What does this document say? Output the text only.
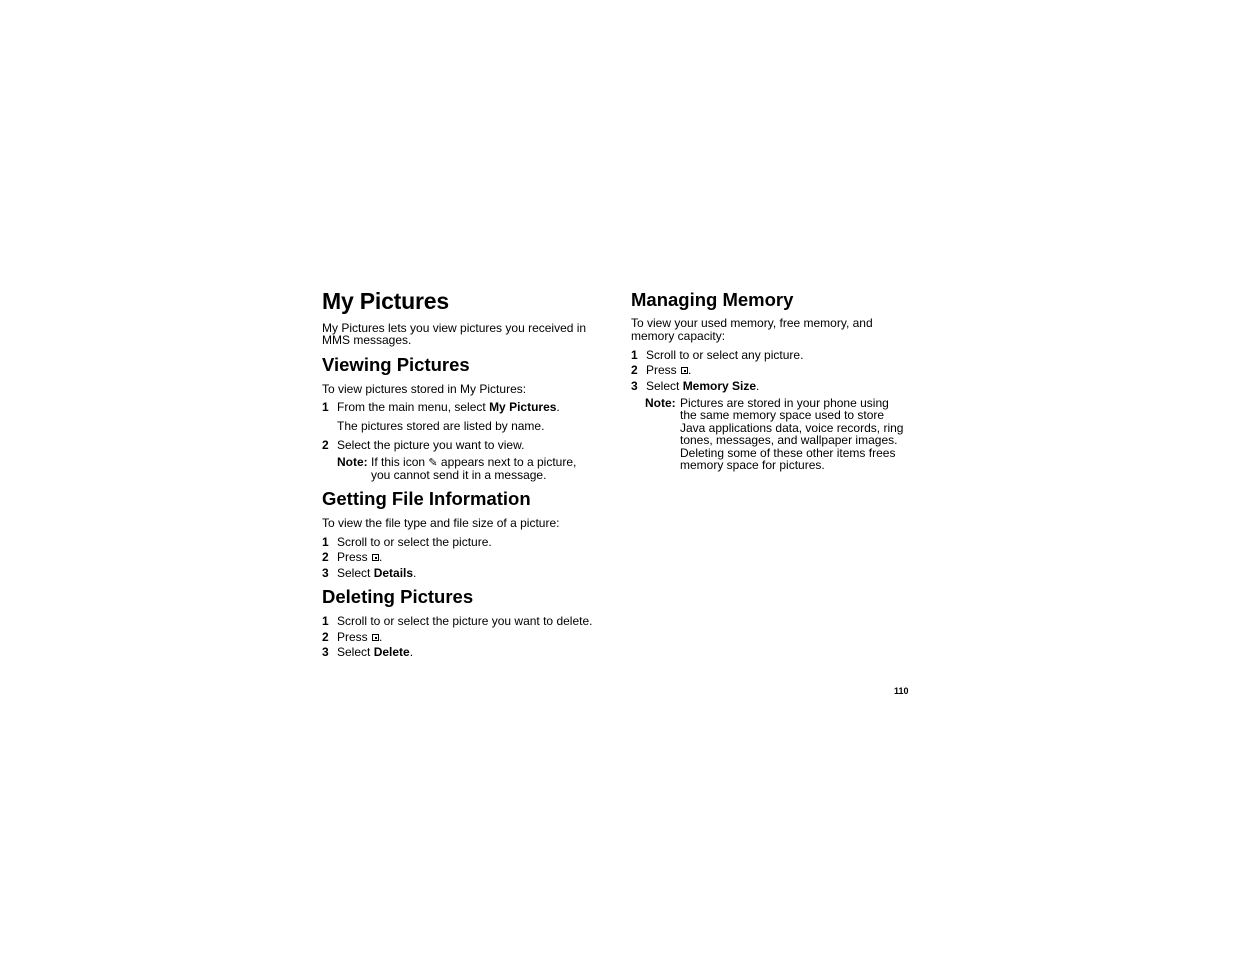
My Pictures

My Pictures lets you view pictures you received in

MMS messages.

Viewing Pictures

To view pictures stored in My Pictures:

1 From the main menu, select My Pictures.

The pictures stored are listed by name.

2 Select the picture you want to view.
Note: If this icon ✎ appears next to a picture,

you cannot send it in a message.

Getting File Information

To view the file type and file size of a picture:

1 Scroll to or select the picture.
2 Press .
3 Select Details.
Deleting Pictures
1 Scroll to or select the picture you want to delete.
2 Press .
3 Select Delete.
Managing Memory

To view your used memory, free memory, and

memory capacity:

1 Scroll to or select any picture.
2 Press .
3 Select Memory Size.
Note: Pictures are stored in your phone using

the same memory space used to store

Java applications data, voice records, ring

tones, messages, and wallpaper images.

Deleting some of these other items frees

memory space for pictures.

110
